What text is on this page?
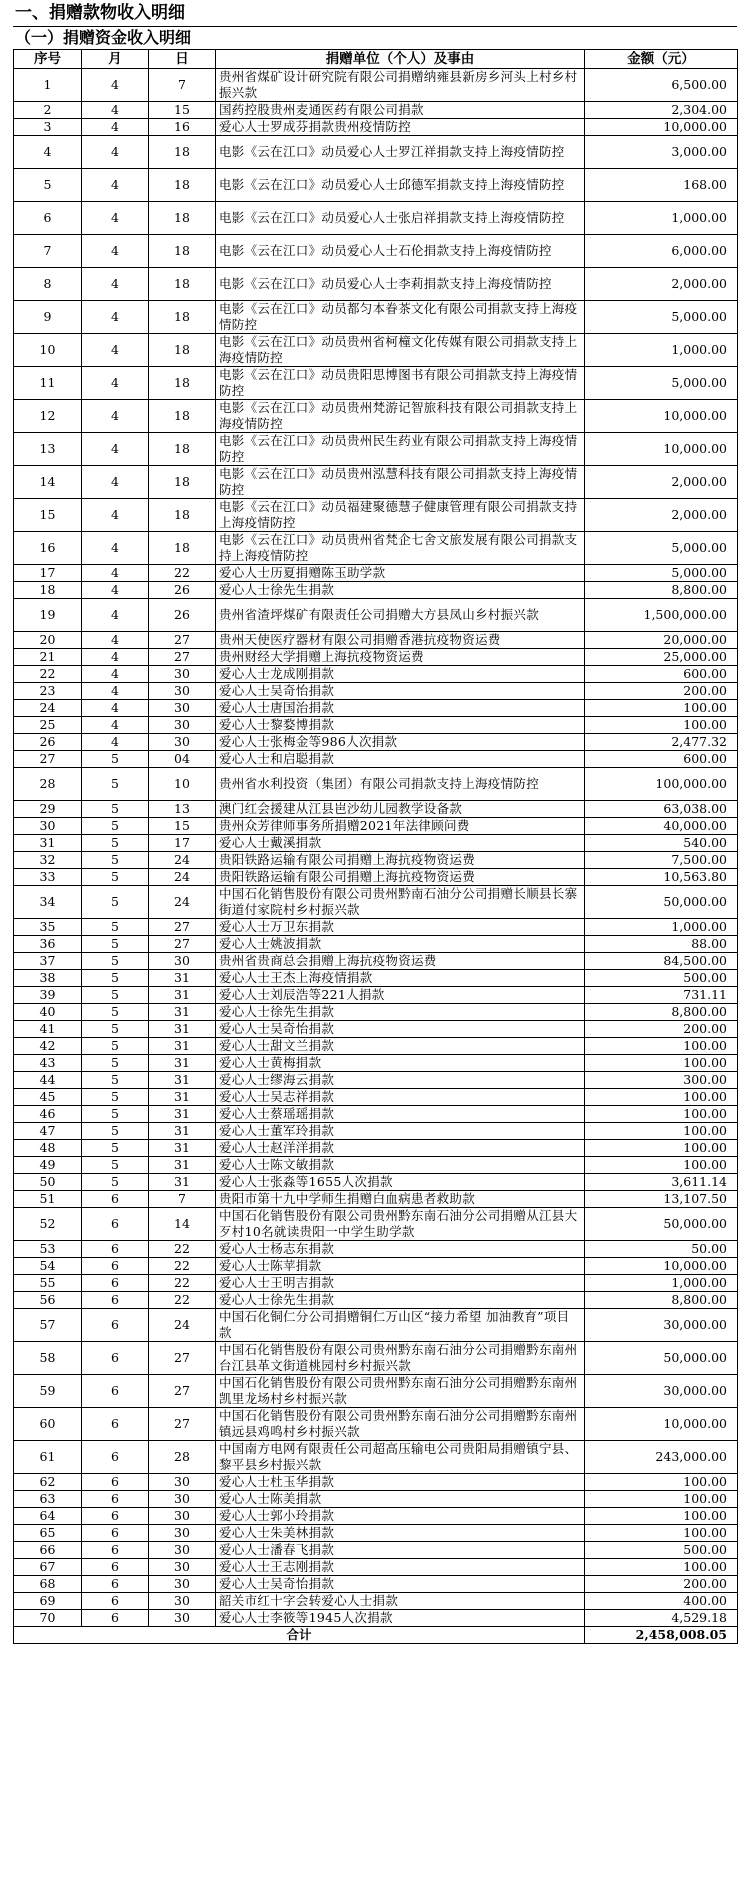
一、捐赠款物收入明细
（一）捐赠资金收入明细
序号	月	日	捐赠单位（个人）及事由	金额（元）
1	4	7	贵州省煤矿设计研究院有限公司捐赠纳雍县新房乡河头上村乡村振兴款	6,500.00
2	4	15	国药控股贵州麦通医药有限公司捐款	2,304.00
3	4	16	爱心人士罗成芬捐款贵州疫情防控	10,000.00
4	4	18	电影《云在江口》动员爱心人士罗江祥捐款支持上海疫情防控	3,000.00
5	4	18	电影《云在江口》动员爱心人士邱德军捐款支持上海疫情防控	168.00
6	4	18	电影《云在江口》动员爱心人士张启祥捐款支持上海疫情防控	1,000.00
7	4	18	电影《云在江口》动员爱心人士石伦捐款支持上海疫情防控	6,000.00
8	4	18	电影《云在江口》动员爱心人士李莉捐款支持上海疫情防控	2,000.00
9	4	18	电影《云在江口》动员都匀本眷茶文化有限公司捐款支持上海疫情防控	5,000.00
10	4	18	电影《云在江口》动员贵州省柯橦文化传媒有限公司捐款支持上海疫情防控	1,000.00
11	4	18	电影《云在江口》动员贵阳思博图书有限公司捐款支持上海疫情防控	5,000.00
12	4	18	电影《云在江口》动员贵州梵游记智旅科技有限公司捐款支持上海疫情防控	10,000.00
13	4	18	电影《云在江口》动员贵州民生药业有限公司捐款支持上海疫情防控	10,000.00
14	4	18	电影《云在江口》动员贵州泓慧科技有限公司捐款支持上海疫情防控	2,000.00
15	4	18	电影《云在江口》动员福建聚德慧子健康管理有限公司捐款支持上海疫情防控	2,000.00
16	4	18	电影《云在江口》动员贵州省梵企七舍文旅发展有限公司捐款支持上海疫情防控	5,000.00
17	4	22	爱心人士历夏捐赠陈玉助学款	5,000.00
18	4	26	爱心人士徐先生捐款	8,800.00
19	4	26	贵州省渣坪煤矿有限责任公司捐赠大方县凤山乡村振兴款	1,500,000.00
20	4	27	贵州天使医疗器材有限公司捐赠香港抗疫物资运费	20,000.00
21	4	27	贵州财经大学捐赠上海抗疫物资运费	25,000.00
22	4	30	爱心人士龙成刚捐款	600.00
23	4	30	爱心人士吴奇怡捐款	200.00
24	4	30	爱心人士唐国治捐款	100.00
25	4	30	爱心人士黎婺博捐款	100.00
26	4	30	爱心人士张梅金等986人次捐款	2,477.32
27	5	04	爱心人士和启聪捐款	600.00
28	5	10	贵州省水利投资（集团）有限公司捐款支持上海疫情防控	100,000.00
29	5	13	澳门红会援建从江县岜沙幼儿园教学设备款	63,038.00
30	5	15	贵州众芳律师事务所捐赠2021年法律顾问费	40,000.00
31	5	17	爱心人士戴溪捐款	540.00
32	5	24	贵阳铁路运输有限公司捐赠上海抗疫物资运费	7,500.00
33	5	24	贵阳铁路运输有限公司捐赠上海抗疫物资运费	10,563.80
34	5	24	中国石化销售股份有限公司贵州黔南石油分公司捐赠长顺县长寨街道付家院村乡村振兴款	50,000.00
35	5	27	爱心人士万卫东捐款	1,000.00
36	5	27	爱心人士姚波捐款	88.00
37	5	30	贵州省贵商总会捐赠上海抗疫物资运费	84,500.00
38	5	31	爱心人士王杰上海疫情捐款	500.00
39	5	31	爱心人士刘辰浩等221人捐款	731.11
40	5	31	爱心人士徐先生捐款	8,800.00
41	5	31	爱心人士吴奇怡捐款	200.00
42	5	31	爱心人士甜文兰捐款	100.00
43	5	31	爱心人士黄梅捐款	100.00
44	5	31	爱心人士缪海云捐款	300.00
45	5	31	爱心人士吴志祥捐款	100.00
46	5	31	爱心人士蔡瑶瑶捐款	100.00
47	5	31	爱心人士董军玲捐款	100.00
48	5	31	爱心人士赵洋洋捐款	100.00
49	5	31	爱心人士陈文敏捐款	100.00
50	5	31	爱心人士张淼等1655人次捐款	3,611.14
51	6	7	贵阳市第十九中学师生捐赠白血病患者救助款	13,107.50
52	6	14	中国石化销售股份有限公司贵州黔东南石油分公司捐赠从江县大歹村10名就读贵阳一中学生助学款	50,000.00
53	6	22	爱心人士杨志东捐款	50.00
54	6	22	爱心人士陈苹捐款	10,000.00
55	6	22	爱心人士王明吉捐款	1,000.00
56	6	22	爱心人士徐先生捐款	8,800.00
57	6	24	中国石化铜仁分公司捐赠铜仁万山区“接力希望 加油教育”项目款	30,000.00
58	6	27	中国石化销售股份有限公司贵州黔东南石油分公司捐赠黔东南州台江县革文街道桃园村乡村振兴款	50,000.00
59	6	27	中国石化销售股份有限公司贵州黔东南石油分公司捐赠黔东南州凯里龙场村乡村振兴款	30,000.00
60	6	27	中国石化销售股份有限公司贵州黔东南石油分公司捐赠黔东南州镇远县鸡鸣村乡村振兴款	10,000.00
61	6	28	中国南方电网有限责任公司超高压输电公司贵阳局捐赠镇宁县、黎平县乡村振兴款	243,000.00
62	6	30	爱心人士杜玉华捐款	100.00
63	6	30	爱心人士陈美捐款	100.00
64	6	30	爱心人士郭小玲捐款	100.00
65	6	30	爱心人士朱美林捐款	100.00
66	6	30	爱心人士潘春飞捐款	500.00
67	6	30	爱心人士王志刚捐款	100.00
68	6	30	爱心人士吴奇怡捐款	200.00
69	6	30	韶关市红十字会转爱心人士捐款	400.00
70	6	30	爱心人士李筱等1945人次捐款	4,529.18
合计				2,458,008.05
